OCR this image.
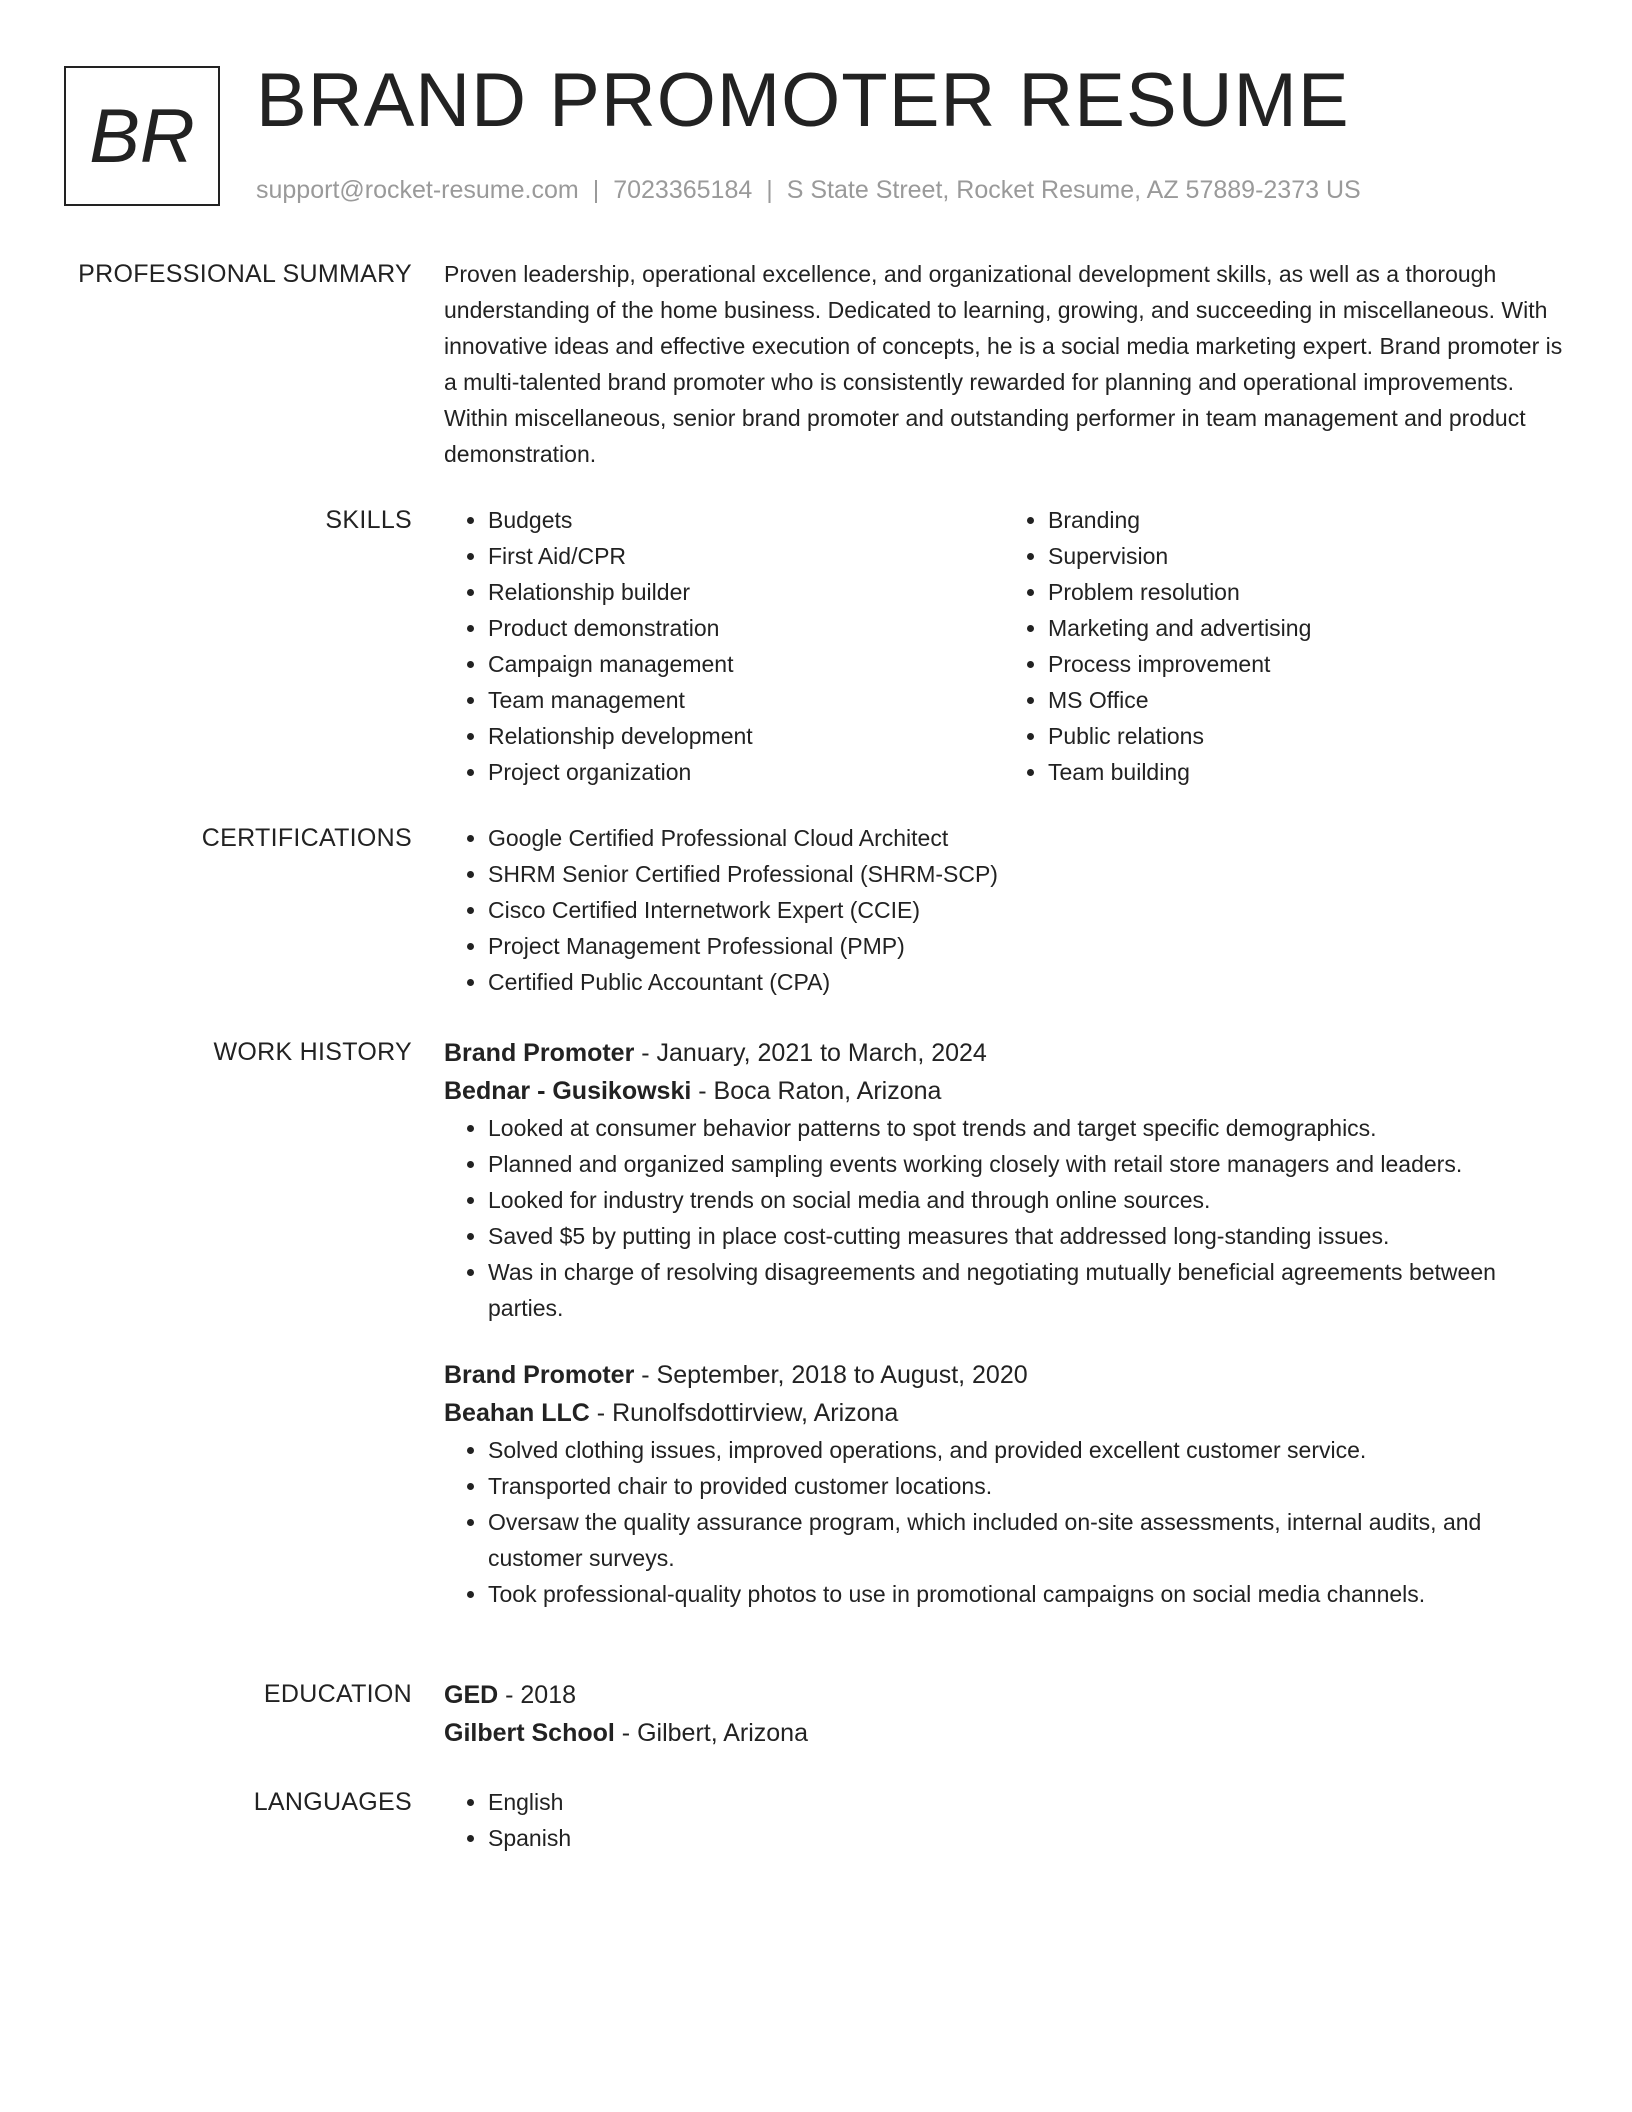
BR BRAND PROMOTER RESUME
support@rocket-resume.com | 7023365184 | S State Street, Rocket Resume, AZ 57889-2373 US
PROFESSIONAL SUMMARY Proven leadership, operational excellence, and organizational development skills, as well as a thorough understanding of the home business. Dedicated to learning, growing, and succeeding in miscellaneous. With innovative ideas and effective execution of concepts, he is a social media marketing expert. Brand promoter is a multi-talented brand promoter who is consistently rewarded for planning and operational improvements. Within miscellaneous, senior brand promoter and outstanding performer in team management and product demonstration.

SKILLS	• Budgets
• First Aid/CPR
• Relationship builder
• Product demonstration
• Campaign management
• Team management
• Relationship development
• Project organization
• Branding
• Supervision
• Problem resolution
• Marketing and advertising
• Process improvement
• MS Office
• Public relations
• Team building
CERTIFICATIONS	• Google Certified Professional Cloud Architect
• SHRM Senior Certified Professional (SHRM-SCP)
• Cisco Certified Internetwork Expert (CCIE)
• Project Management Professional (PMP)
• Certified Public Accountant (CPA)
WORK HISTORY Brand Promoter - January, 2021 to March, 2024
Bednar - Gusikowski - Boca Raton, Arizona
• Looked at consumer behavior patterns to spot trends and target specific demographics.
• Planned and organized sampling events working closely with retail store managers and leaders.
• Looked for industry trends on social media and through online sources.
• Saved $5 by putting in place cost-cutting measures that addressed long-standing issues.
• Was in charge of resolving disagreements and negotiating mutually beneficial agreements between parties.
Brand Promoter - September, 2018 to August, 2020
Beahan LLC - Runolfsdottirview, Arizona
• Solved clothing issues, improved operations, and provided excellent customer service.
• Transported chair to provided customer locations.
• Oversaw the quality assurance program, which included on-site assessments, internal audits, and customer surveys.
• Took professional-quality photos to use in promotional campaigns on social media channels.
EDUCATION GED - 2018
Gilbert School - Gilbert, Arizona
LANGUAGES	• English
• Spanish
